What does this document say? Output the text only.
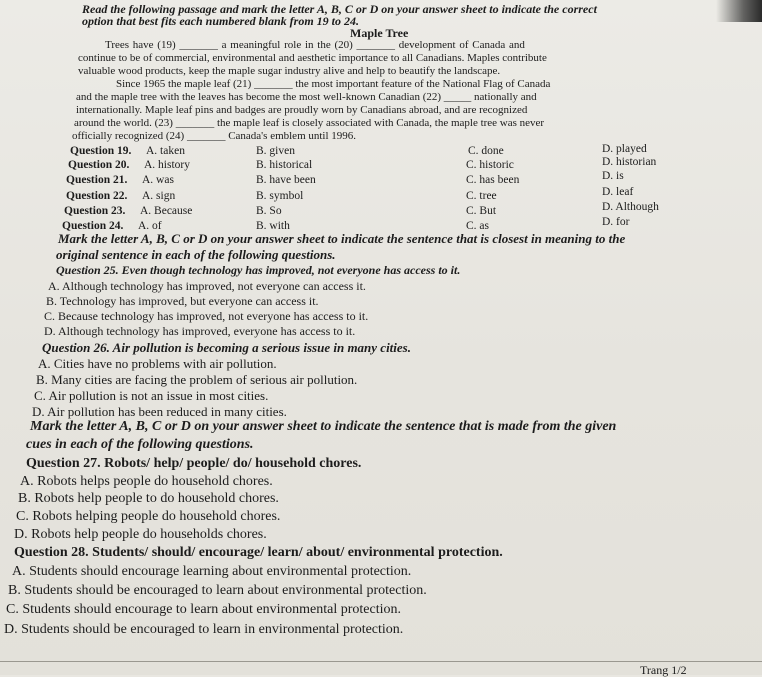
Read the following passage and mark the letter A, B, C or D on your answer sheet to indicate the correct
option that best fits each numbered blank from 19 to 24.
Maple Tree
Trees have (19) _______ a meaningful role in the (20) _______ development of Canada and
continue to be of commercial, environmental and aesthetic importance to all Canadians. Maples contribute
valuable wood products, keep the maple sugar industry alive and help to beautify the landscape.
Since 1965 the maple leaf (21) _______ the most important feature of the National Flag of Canada
and the maple tree with the leaves has become the most well-known Canadian (22) _____ nationally and
internationally. Maple leaf pins and badges are proudly worn by Canadians abroad, and are recognized
around the world. (23) _______ the maple leaf is closely associated with Canada, the maple tree was never
officially recognized (24) _______ Canada's emblem until 1996.
Question 19. A. taken	B. given	C. done	D. played
Question 20. A. history	B. historical	C. historic	D. historian
Question 21. A. was	B. have been	C. has been	D. is
Question 22. A. sign	B. symbol	C. tree	D. leaf
Question 23. A. Because	B. So	C. But	D. Although
Question 24. A. of	B. with	C. as	D. for
Mark the letter A, B, C or D on your answer sheet to indicate the sentence that is closest in meaning to the
original sentence in each of the following questions.
Question 25. Even though technology has improved, not everyone has access to it.
A. Although technology has improved, not everyone can access it.
B. Technology has improved, but everyone can access it.
C. Because technology has improved, not everyone has access to it.
D. Although technology has improved, everyone has access to it.
Question 26. Air pollution is becoming a serious issue in many cities.
A. Cities have no problems with air pollution.
B. Many cities are facing the problem of serious air pollution.
C. Air pollution is not an issue in most cities.
D. Air pollution has been reduced in many cities.
Mark the letter A, B, C or D on your answer sheet to indicate the sentence that is made from the given
cues in each of the following questions.
Question 27. Robots/ help/ people/ do/ household chores.
A. Robots helps people do household chores.
B. Robots help people to do household chores.
C. Robots helping people do household chores.
D. Robots help people do households chores.
Question 28. Students/ should/ encourage/ learn/ about/ environmental protection.
A. Students should encourage learning about environmental protection.
B. Students should be encouraged to learn about environmental protection.
C. Students should encourage to learn about environmental protection.
D. Students should be encouraged to learn in environmental protection.
Trang 1/2
